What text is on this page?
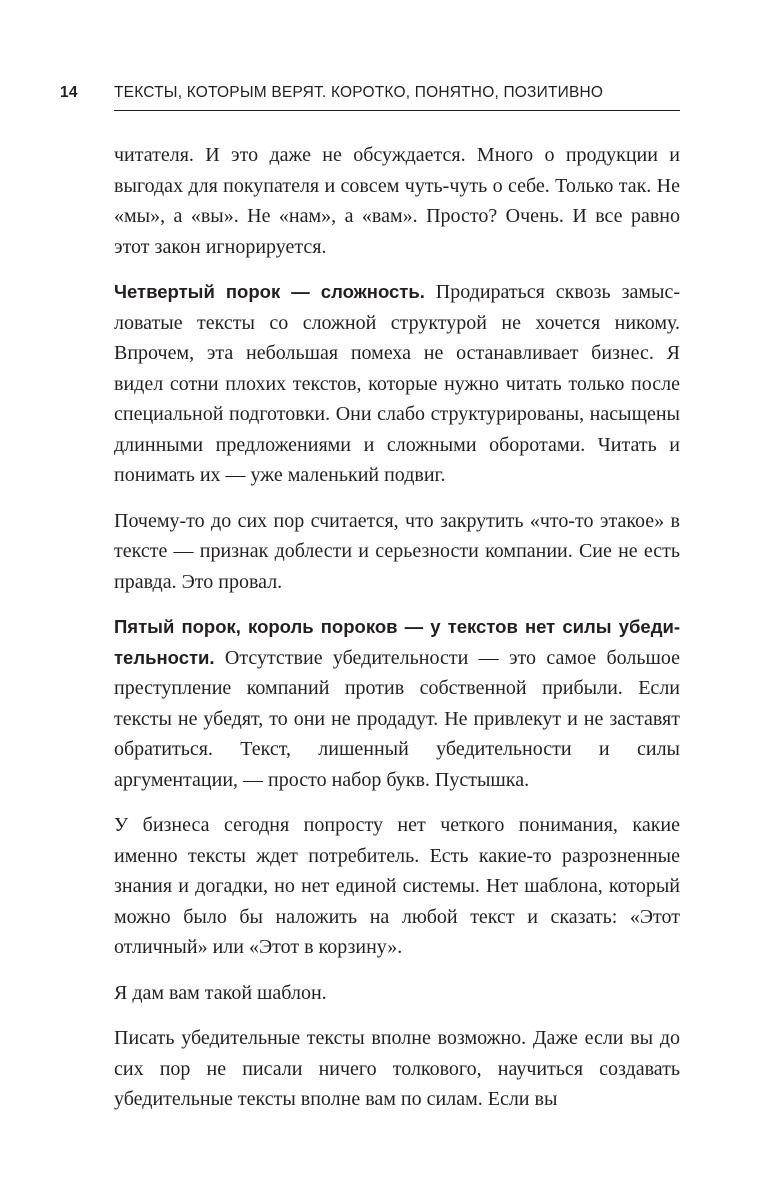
14 ТЕКСТЫ, КОТОРЫМ ВЕРЯТ. КОРОТКО, ПОНЯТНО, ПОЗИТИВНО

читателя. И это даже не обсуждается. Много о продукции и выгодах для покупателя и совсем чуть-чуть о себе. Только так. Не «мы», а «вы». Не «нам», а «вам». Просто? Очень. И все равно этот закон игнорируется.

Четвертый порок — сложность. Продираться сквозь замысловатые тексты со сложной структурой не хочется никому. Впрочем, эта небольшая помеха не останавливает бизнес. Я видел сотни плохих текстов, которые нужно читать только после специальной подготовки. Они слабо структурированы, насыщены длинными предложениями и сложными оборотами. Читать и понимать их — уже маленький подвиг.

Почему-то до сих пор считается, что закрутить «что-то этакое» в тексте — признак доблести и серьезности компании. Сие не есть правда. Это провал.

Пятый порок, король пороков — у текстов нет силы убедительности. Отсутствие убедительности — это самое большое преступление компаний против собственной прибыли. Если тексты не убедят, то они не продадут. Не привлекут и не заставят обратиться. Текст, лишенный убедительности и силы аргументации, — просто набор букв. Пустышка.

У бизнеса сегодня попросту нет четкого понимания, какие именно тексты ждет потребитель. Есть какие-то разрозненные знания и догадки, но нет единой системы. Нет шаблона, который можно было бы наложить на любой текст и сказать: «Этот отличный» или «Этот в корзину».

Я дам вам такой шаблон.

Писать убедительные тексты вполне возможно. Даже если вы до сих пор не писали ничего толкового, научиться создавать убедительные тексты вполне вам по силам. Если вы
